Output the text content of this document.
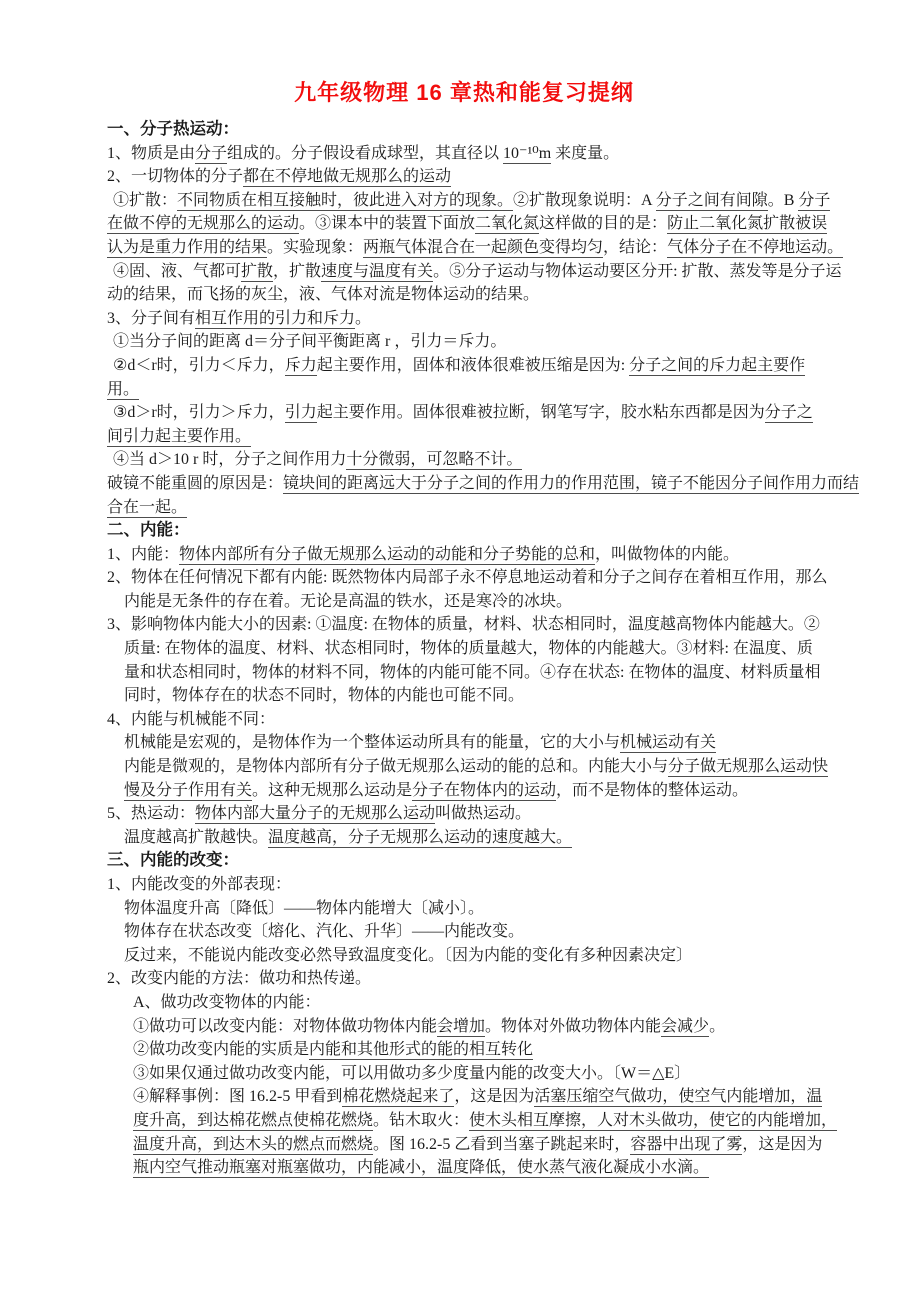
九年级物理 16 章热和能复习提纲
一、分子热运动：
1、物质是由分子组成的。分子假设看成球型，其直径以 10⁻¹⁰m 来度量。
2、一切物体的分子都在不停地做无规那么的运动
①扩散：不同物质在相互接触时，彼此进入对方的现象。②扩散现象说明：A 分子之间有间隙。B 分子
在做不停的无规那么的运动。③课本中的装置下面放二氧化氮这样做的目的是：防止二氧化氮扩散被误
认为是重力作用的结果。实验现象：两瓶气体混合在一起颜色变得均匀，结论：气体分子在不停地运动。
④固、液、气都可扩散，扩散速度与温度有关。⑤分子运动与物体运动要区分开: 扩散、蒸发等是分子运
动的结果，而飞扬的灰尘，液、气体对流是物体运动的结果。
3、分子间有相互作用的引力和斥力。
①当分子间的距离 d＝分子间平衡距离 r ，引力＝斥力。
②d＜r时，引力＜斥力，斥力起主要作用，固体和液体很难被压缩是因为: 分子之间的斥力起主要作
用。
③d＞r时，引力＞斥力，引力起主要作用。固体很难被拉断，钢笔写字，胶水粘东西都是因为分子之
间引力起主要作用。
④当 d＞10 r 时，分子之间作用力十分微弱，可忽略不计。
破镜不能重圆的原因是：镜块间的距离远大于分子之间的作用力的作用范围，镜子不能因分子间作用力而结
合在一起。
二、内能：
1、内能：物体内部所有分子做无规那么运动的动能和分子势能的总和，叫做物体的内能。
2、物体在任何情况下都有内能: 既然物体内局部子永不停息地运动着和分子之间存在着相互作用，那么
内能是无条件的存在着。无论是高温的铁水，还是寒冷的冰块。
3、影响物体内能大小的因素: ①温度: 在物体的质量，材料、状态相同时，温度越高物体内能越大。②
质量: 在物体的温度、材料、状态相同时，物体的质量越大，物体的内能越大。③材料: 在温度、质
量和状态相同时，物体的材料不同，物体的内能可能不同。④存在状态: 在物体的温度、材料质量相
同时，物体存在的状态不同时，物体的内能也可能不同。
4、内能与机械能不同：
机械能是宏观的，是物体作为一个整体运动所具有的能量，它的大小与机械运动有关
内能是微观的，是物体内部所有分子做无规那么运动的能的总和。内能大小与分子做无规那么运动快
慢及分子作用有关。这种无规那么运动是分子在物体内的运动，而不是物体的整体运动。
5、热运动：物体内部大量分子的无规那么运动叫做热运动。
温度越高扩散越快。温度越高，分子无规那么运动的速度越大。
三、内能的改变：
1、内能改变的外部表现：
物体温度升高〔降低〕——物体内能增大〔减小〕。
物体存在状态改变〔熔化、汽化、升华〕——内能改变。
反过来，不能说内能改变必然导致温度变化。〔因为内能的变化有多种因素决定〕
2、改变内能的方法：做功和热传递。
A、做功改变物体的内能：
①做功可以改变内能：对物体做功物体内能会增加。物体对外做功物体内能会减少。
②做功改变内能的实质是内能和其他形式的能的相互转化
③如果仅通过做功改变内能，可以用做功多少度量内能的改变大小。〔W＝△E〕
④解释事例：图 16.2-5 甲看到棉花燃烧起来了，这是因为活塞压缩空气做功，使空气内能增加，温
度升高，到达棉花燃点使棉花燃烧。钻木取火：使木头相互摩擦，人对木头做功，使它的内能增加，
温度升高，到达木头的燃点而燃烧。图 16.2-5 乙看到当塞子跳起来时，容器中出现了雾，这是因为
瓶内空气推动瓶塞对瓶塞做功，内能减小，温度降低，使水蒸气液化凝成小水滴。
